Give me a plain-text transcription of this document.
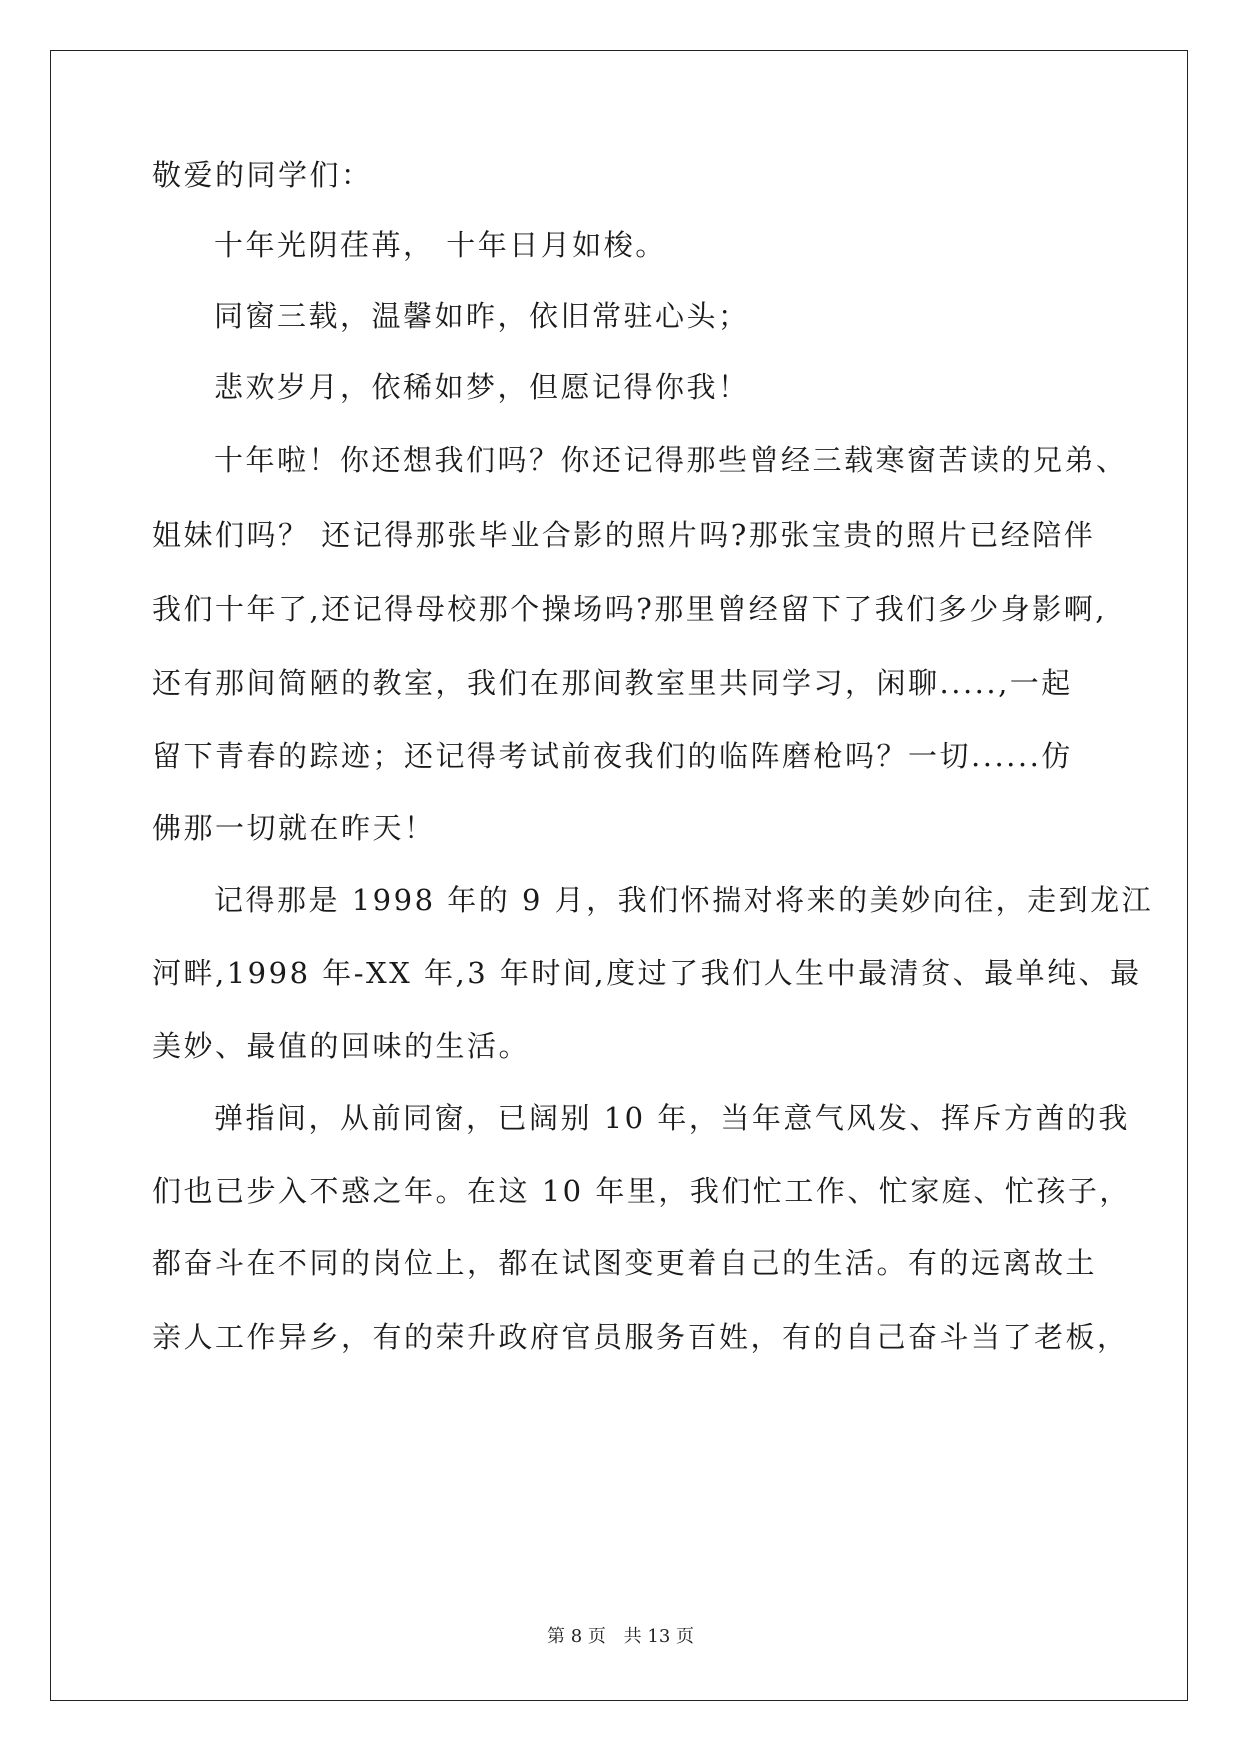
敬爱的同学们：
十年光阴荏苒， 十年日月如梭。
同窗三载，温馨如昨，依旧常驻心头；
悲欢岁月，依稀如梦，但愿记得你我！
十年啦！你还想我们吗？你还记得那些曾经三载寒窗苦读的兄弟、
姐妹们吗？ 还记得那张毕业合影的照片吗?那张宝贵的照片已经陪伴
我们十年了,还记得母校那个操场吗?那里曾经留下了我们多少身影啊,
还有那间简陋的教室，我们在那间教室里共同学习，闲聊.....,一起
留下青春的踪迹；还记得考试前夜我们的临阵磨枪吗？一切......仿
佛那一切就在昨天！
记得那是 1998 年的 9 月，我们怀揣对将来的美妙向往，走到龙江
河畔,1998 年-XX 年,3 年时间,度过了我们人生中最清贫、最单纯、最
美妙、最值的回味的生活。
弹指间，从前同窗，已阔别 10 年，当年意气风发、挥斥方酋的我
们也已步入不惑之年。在这 10 年里，我们忙工作、忙家庭、忙孩子，
都奋斗在不同的岗位上，都在试图变更着自己的生活。有的远离故土
亲人工作异乡，有的荣升政府官员服务百姓，有的自己奋斗当了老板，
第 8 页 共 13 页
